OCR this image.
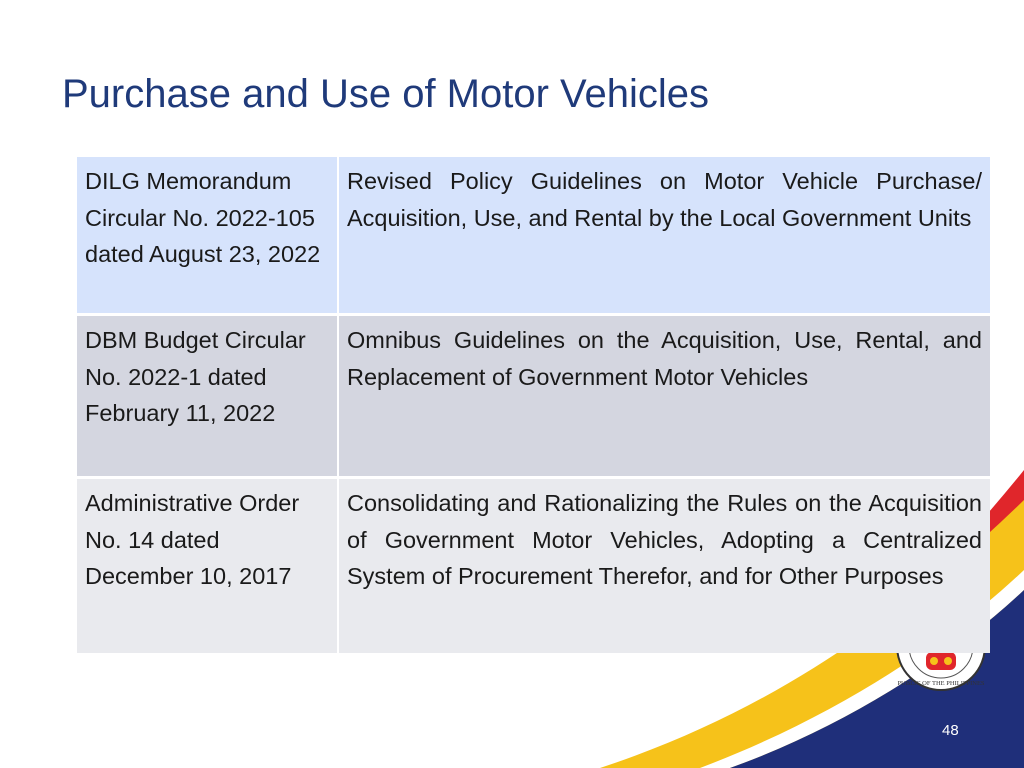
PUBLIC OF THE PHILIPPINES
Purchase and Use of Motor Vehicles
DILG Memorandum Circular No. 2022-105 dated August 23, 2022
Revised Policy Guidelines on Motor Vehicle Purchase/ Acquisition, Use, and Rental by the Local Government Units
DBM Budget Circular No. 2022-1 dated February 11, 2022
Omnibus Guidelines on the Acquisition, Use, Rental, and Replacement of Government Motor Vehicles
Administrative Order No. 14 dated December 10, 2017
Consolidating and Rationalizing the Rules on the Acquisition of Government Motor Vehicles, Adopting a Centralized System of Procurement Therefor, and for Other Purposes
48
